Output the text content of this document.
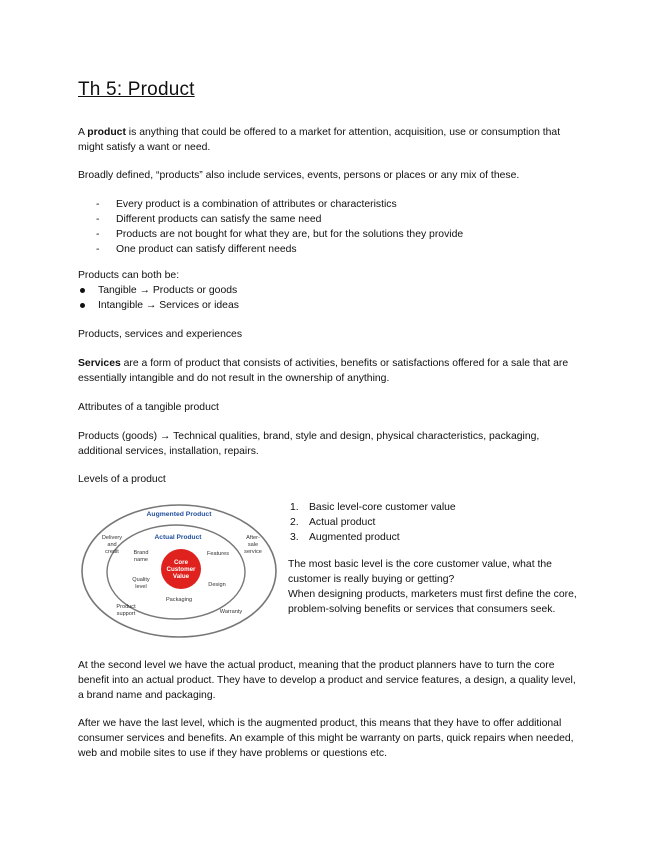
Th 5: Product
A product is anything that could be offered to a market for attention, acquisition, use or consumption that might satisfy a want or need.
Broadly defined, “products” also include services, events, persons or places or any mix of these.
- Every product is a combination of attributes or characteristics
- Different products can satisfy the same need
- Products are not bought for what they are, but for the solutions they provide
- One product can satisfy different needs
Products can both be:
Tangible → Products or goods
Intangible → Services or ideas
Products, services and experiences
Services are a form of product that consists of activities, benefits or satisfactions offered for a sale that are essentially intangible and do not result in the ownership of anything.
Attributes of a tangible product
Products (goods) → Technical qualities, brand, style and design, physical characteristics, packaging, additional services, installation, repairs.
Levels of a product
Augmented Product
Actual Product
Core
Customer
Value
Delivery
and
credit
After-
sale
service
Brand
name
Features
Quality
level	Design
Packaging
Product
support	Warranty
1. Basic level-core customer value
2. Actual product
3. Augmented product
The most basic level is the core customer value, what the customer is really buying or getting?
When designing products, marketers must first define the core, problem-solving benefits or services that consumers seek.
At the second level we have the actual product, meaning that the product planners have to turn the core benefit into an actual product. They have to develop a product and service features, a design, a quality level, a brand name and packaging.
After we have the last level, which is the augmented product, this means that they have to offer additional consumer services and benefits. An example of this might be warranty on parts, quick repairs when needed, web and mobile sites to use if they have problems or questions etc.
